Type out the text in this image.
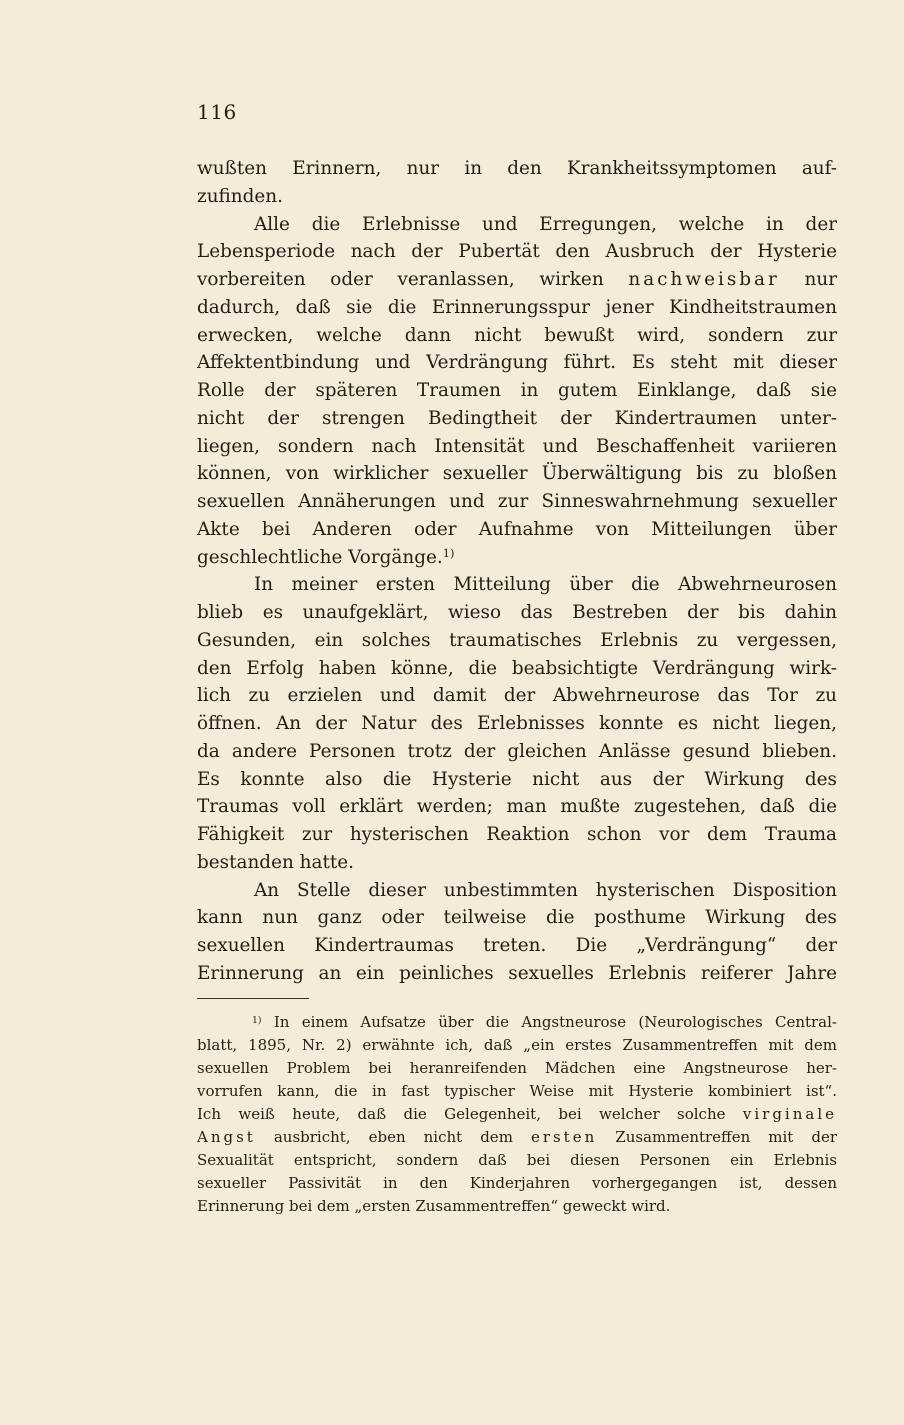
116
wußten Erinnern, nur in den Krankheitssymptomen auf-
zufinden.
Alle die Erlebnisse und Erregungen, welche in der
Lebensperiode nach der Pubertät den Ausbruch der Hysterie
vorbereiten oder veranlassen, wirken nachweisbar nur
dadurch, daß sie die Erinnerungsspur jener Kindheitstraumen
erwecken, welche dann nicht bewußt wird, sondern zur
Affektentbindung und Verdrängung führt. Es steht mit dieser
Rolle der späteren Traumen in gutem Einklange, daß sie
nicht der strengen Bedingtheit der Kindertraumen unter-
liegen, sondern nach Intensität und Beschaffenheit variieren
können, von wirklicher sexueller Überwältigung bis zu bloßen
sexuellen Annäherungen und zur Sinneswahrnehmung sexueller
Akte bei Anderen oder Aufnahme von Mitteilungen über
geschlechtliche Vorgänge.$^{1)}$
In meiner ersten Mitteilung über die Abwehrneurosen
blieb es unaufgeklärt, wieso das Bestreben der bis dahin
Gesunden, ein solches traumatisches Erlebnis zu vergessen,
den Erfolg haben könne, die beabsichtigte Verdrängung wirk-
lich zu erzielen und damit der Abwehrneurose das Tor zu
öffnen. An der Natur des Erlebnisses konnte es nicht liegen,
da andere Personen trotz der gleichen Anlässe gesund blieben.
Es konnte also die Hysterie nicht aus der Wirkung des
Traumas voll erklärt werden; man mußte zugestehen, daß die
Fähigkeit zur hysterischen Reaktion schon vor dem Trauma
bestanden hatte.
An Stelle dieser unbestimmten hysterischen Disposition
kann nun ganz oder teilweise die posthume Wirkung des
sexuellen Kindertraumas treten. Die „Verdrängung“ der
Erinnerung an ein peinliches sexuelles Erlebnis reiferer Jahre
$^{1)}$ In einem Aufsatze über die Angstneurose (Neurologisches Central-
blatt, 1895, Nr. 2) erwähnte ich, daß „ein erstes Zusammentreffen mit dem
sexuellen Problem bei heranreifenden Mädchen eine Angstneurose her-
vorrufen kann, die in fast typischer Weise mit Hysterie kombiniert ist“.
Ich weiß heute, daß die Gelegenheit, bei welcher solche virginale
Angst ausbricht, eben nicht dem ersten Zusammentreffen mit der
Sexualität entspricht, sondern daß bei diesen Personen ein Erlebnis
sexueller Passivität in den Kinderjahren vorhergegangen ist, dessen
Erinnerung bei dem „ersten Zusammentreffen“ geweckt wird.
